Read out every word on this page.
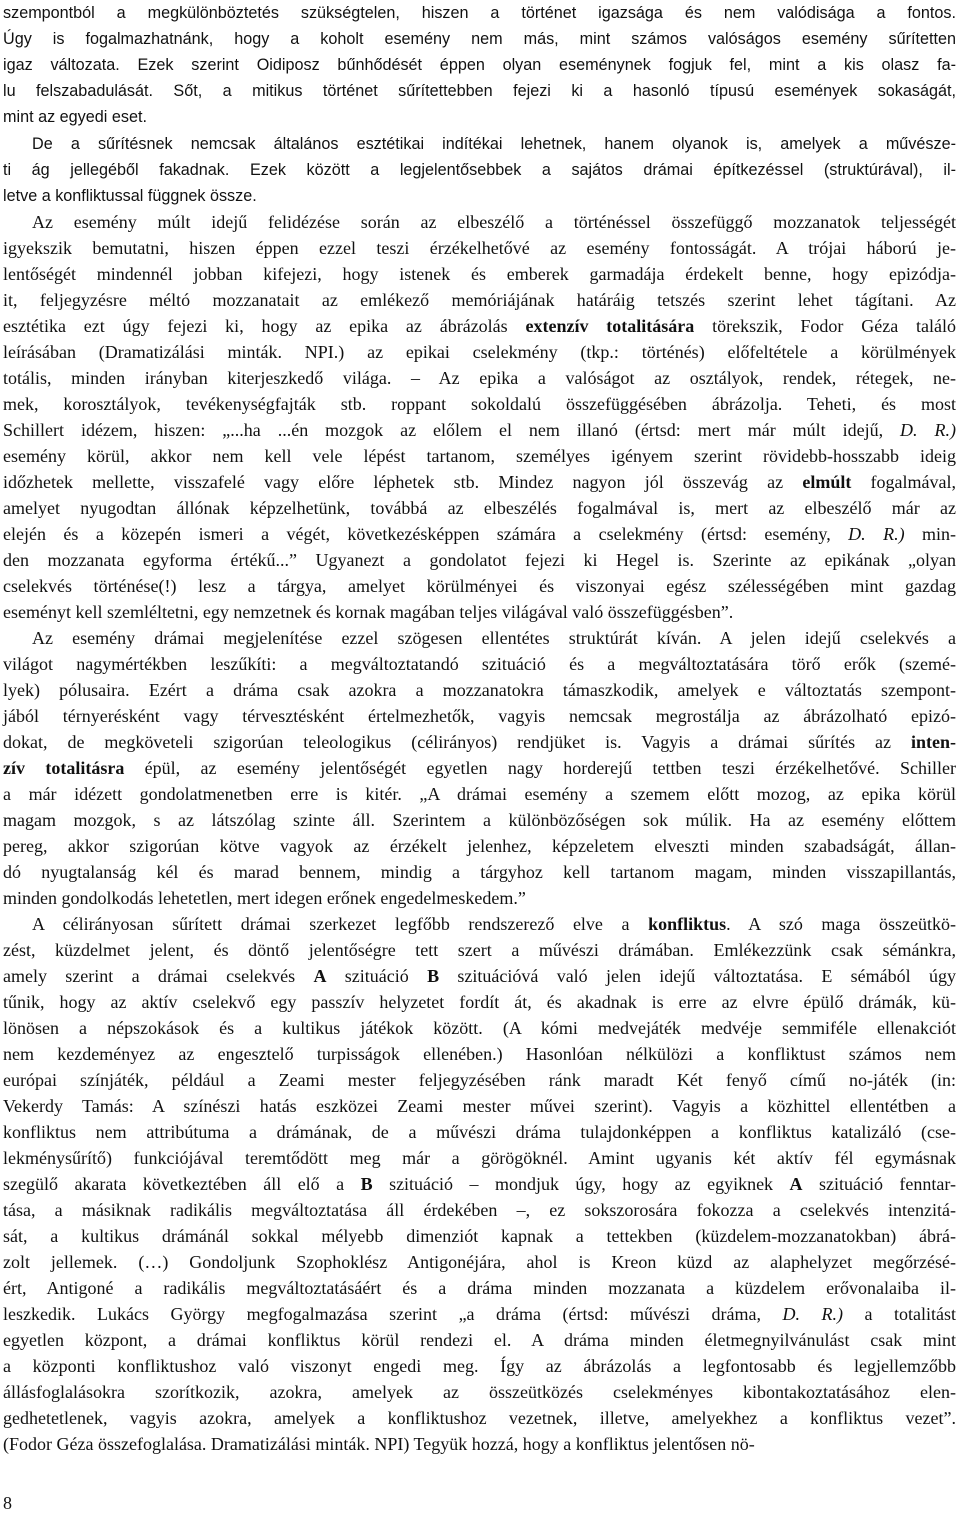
szempontból a megkülönböztetés szükségtelen, hiszen a történet igazsága és nem valódisága a fontos.
Úgy is fogalmazhatnánk, hogy a koholt esemény nem más, mint számos valóságos esemény sűrítetten
igaz változata. Ezek szerint Oidiposz bűnhődését éppen olyan eseménynek fogjuk fel, mint a kis olasz fa-
lu felszabadulását. Sőt, a mitikus történet sűrítettebben fejezi ki a hasonló típusú események sokaságát,
mint az egyedi eset.
De a sűrítésnek nemcsak általános esztétikai indítékai lehetnek, hanem olyanok is, amelyek a művésze-
ti ág jellegéből fakadnak. Ezek között a legjelentősebbek a sajátos drámai építkezéssel (struktúrával), il-
letve a konfliktussal függnek össze.
Az esemény múlt idejű felidézése során az elbeszélő a történéssel összefüggő mozzanatok teljességét
igyekszik bemutatni, hiszen éppen ezzel teszi érzékelhetővé az esemény fontosságát. A trójai háború je-
lentőségét mindennél jobban kifejezi, hogy istenek és emberek garmadája érdekelt benne, hogy epizódja-
it, feljegyzésre méltó mozzanatait az emlékező memóriájának határáig tetszés szerint lehet tágítani. Az
esztétika ezt úgy fejezi ki, hogy az epika az ábrázolás extenzív totalitására törekszik, Fodor Géza találó
leírásában (Dramatizálási minták. NPI.) az epikai cselekmény (tkp.: történés) előfeltétele a körülmények
totális, minden irányban kiterjeszkedő világa. – Az epika a valóságot az osztályok, rendek, rétegek, ne-
mek, korosztályok, tevékenységfajták stb. roppant sokoldalú összefüggésében ábrázolja. Teheti, és most
Schillert idézem, hiszen: „...ha ...én mozgok az előlem el nem illanó (értsd: mert már múlt idejű, D. R.)
esemény körül, akkor nem kell vele lépést tartanom, személyes igényem szerint rövidebb-hosszabb ideig
időzhetek mellette, visszafelé vagy előre léphetek stb. Mindez nagyon jól összevág az elmúlt fogalmával,
amelyet nyugodtan állónak képzelhetünk, továbbá az elbeszélés fogalmával is, mert az elbeszélő már az
elején és a közepén ismeri a végét, következésképpen számára a cselekmény (értsd: esemény, D. R.) min-
den mozzanata egyforma értékű...” Ugyanezt a gondolatot fejezi ki Hegel is. Szerinte az epikának „olyan
cselekvés történése(!) lesz a tárgya, amelyet körülményei és viszonyai egész szélességében mint gazdag
eseményt kell szemléltetni, egy nemzetnek és kornak magában teljes világával való összefüggésben”.
Az esemény drámai megjelenítése ezzel szögesen ellentétes struktúrát kíván. A jelen idejű cselekvés a
világot nagymértékben leszűkíti: a megváltoztatandó szituáció és a megváltoztatására törő erők (szemé-
lyek) pólusaira. Ezért a dráma csak azokra a mozzanatokra támaszkodik, amelyek e változtatás szempont-
jából térnyerésként vagy térvesztésként értelmezhetők, vagyis nemcsak megrostálja az ábrázolható epizó-
dokat, de megköveteli szigorúan teleologikus (célirányos) rendjüket is. Vagyis a drámai sűrítés az inten-
zív totalitásra épül, az esemény jelentőségét egyetlen nagy horderejű tettben teszi érzékelhetővé. Schiller
a már idézett gondolatmenetben erre is kitér. „A drámai esemény a szemem előtt mozog, az epika körül
magam mozgok, s az látszólag szinte áll. Szerintem a különbözőségen sok múlik. Ha az esemény előttem
pereg, akkor szigorúan kötve vagyok az érzékelt jelenhez, képzeletem elveszti minden szabadságát, állan-
dó nyugtalanság kél és marad bennem, mindig a tárgyhoz kell tartanom magam, minden visszapillantás,
minden gondolkodás lehetetlen, mert idegen erőnek engedelmeskedem.”
A célirányosan sűrített drámai szerkezet legfőbb rendszerező elve a konfliktus. A szó maga összeütkö-
zést, küzdelmet jelent, és döntő jelentőségre tett szert a művészi drámában. Emlékezzünk csak sémánkra,
amely szerint a drámai cselekvés A szituáció B szituációvá való jelen idejű változtatása. E sémából úgy
tűnik, hogy az aktív cselekvő egy passzív helyzetet fordít át, és akadnak is erre az elvre épülő drámák, kü-
lönösen a népszokások és a kultikus játékok között. (A kómi medvejáték medvéje semmiféle ellenakciót
nem kezdeményez az engesztelő turpisságok ellenében.) Hasonlóan nélkülözi a konfliktust számos nem
európai színjáték, például a Zeami mester feljegyzésében ránk maradt Két fenyő című no-játék (in:
Vekerdy Tamás: A színészi hatás eszközei Zeami mester művei szerint). Vagyis a közhittel ellentétben a
konfliktus nem attribútuma a drámának, de a művészi dráma tulajdonképpen a konfliktus katalizáló (cse-
lekménysűrítő) funkciójával teremtődött meg már a görögöknél. Amint ugyanis két aktív fél egymásnak
szegülő akarata következtében áll elő a B szituáció – mondjuk úgy, hogy az egyiknek A szituáció fenntar-
tása, a másiknak radikális megváltoztatása áll érdekében –, ez sokszorosára fokozza a cselekvés intenzitá-
sát, a kultikus drámánál sokkal mélyebb dimenziót kapnak a tettekben (küzdelem-mozzanatokban) ábrá-
zolt jellemek. (…) Gondoljunk Szophoklész Antigonéjára, ahol is Kreon küzd az alaphelyzet megőrzésé-
ért, Antigoné a radikális megváltoztatásáért és a dráma minden mozzanata a küzdelem erővonalaiba il-
leszkedik. Lukács György megfogalmazása szerint „a dráma (értsd: művészi dráma, D. R.) a totalitást
egyetlen központ, a drámai konfliktus körül rendezi el. A dráma minden életmegnyilvánulást csak mint
a központi konfliktushoz való viszonyt engedi meg. Így az ábrázolás a legfontosabb és legjellemzőbb
állásfoglalásokra szorítkozik, azokra, amelyek az összeütközés cselekményes kibontakoztatásához elen-
gedhetetlenek, vagyis azokra, amelyek a konfliktushoz vezetnek, illetve, amelyekhez a konfliktus vezet”.
(Fodor Géza összefoglalása. Dramatizálási minták. NPI) Tegyük hozzá, hogy a konfliktus jelentősen nö-
8
